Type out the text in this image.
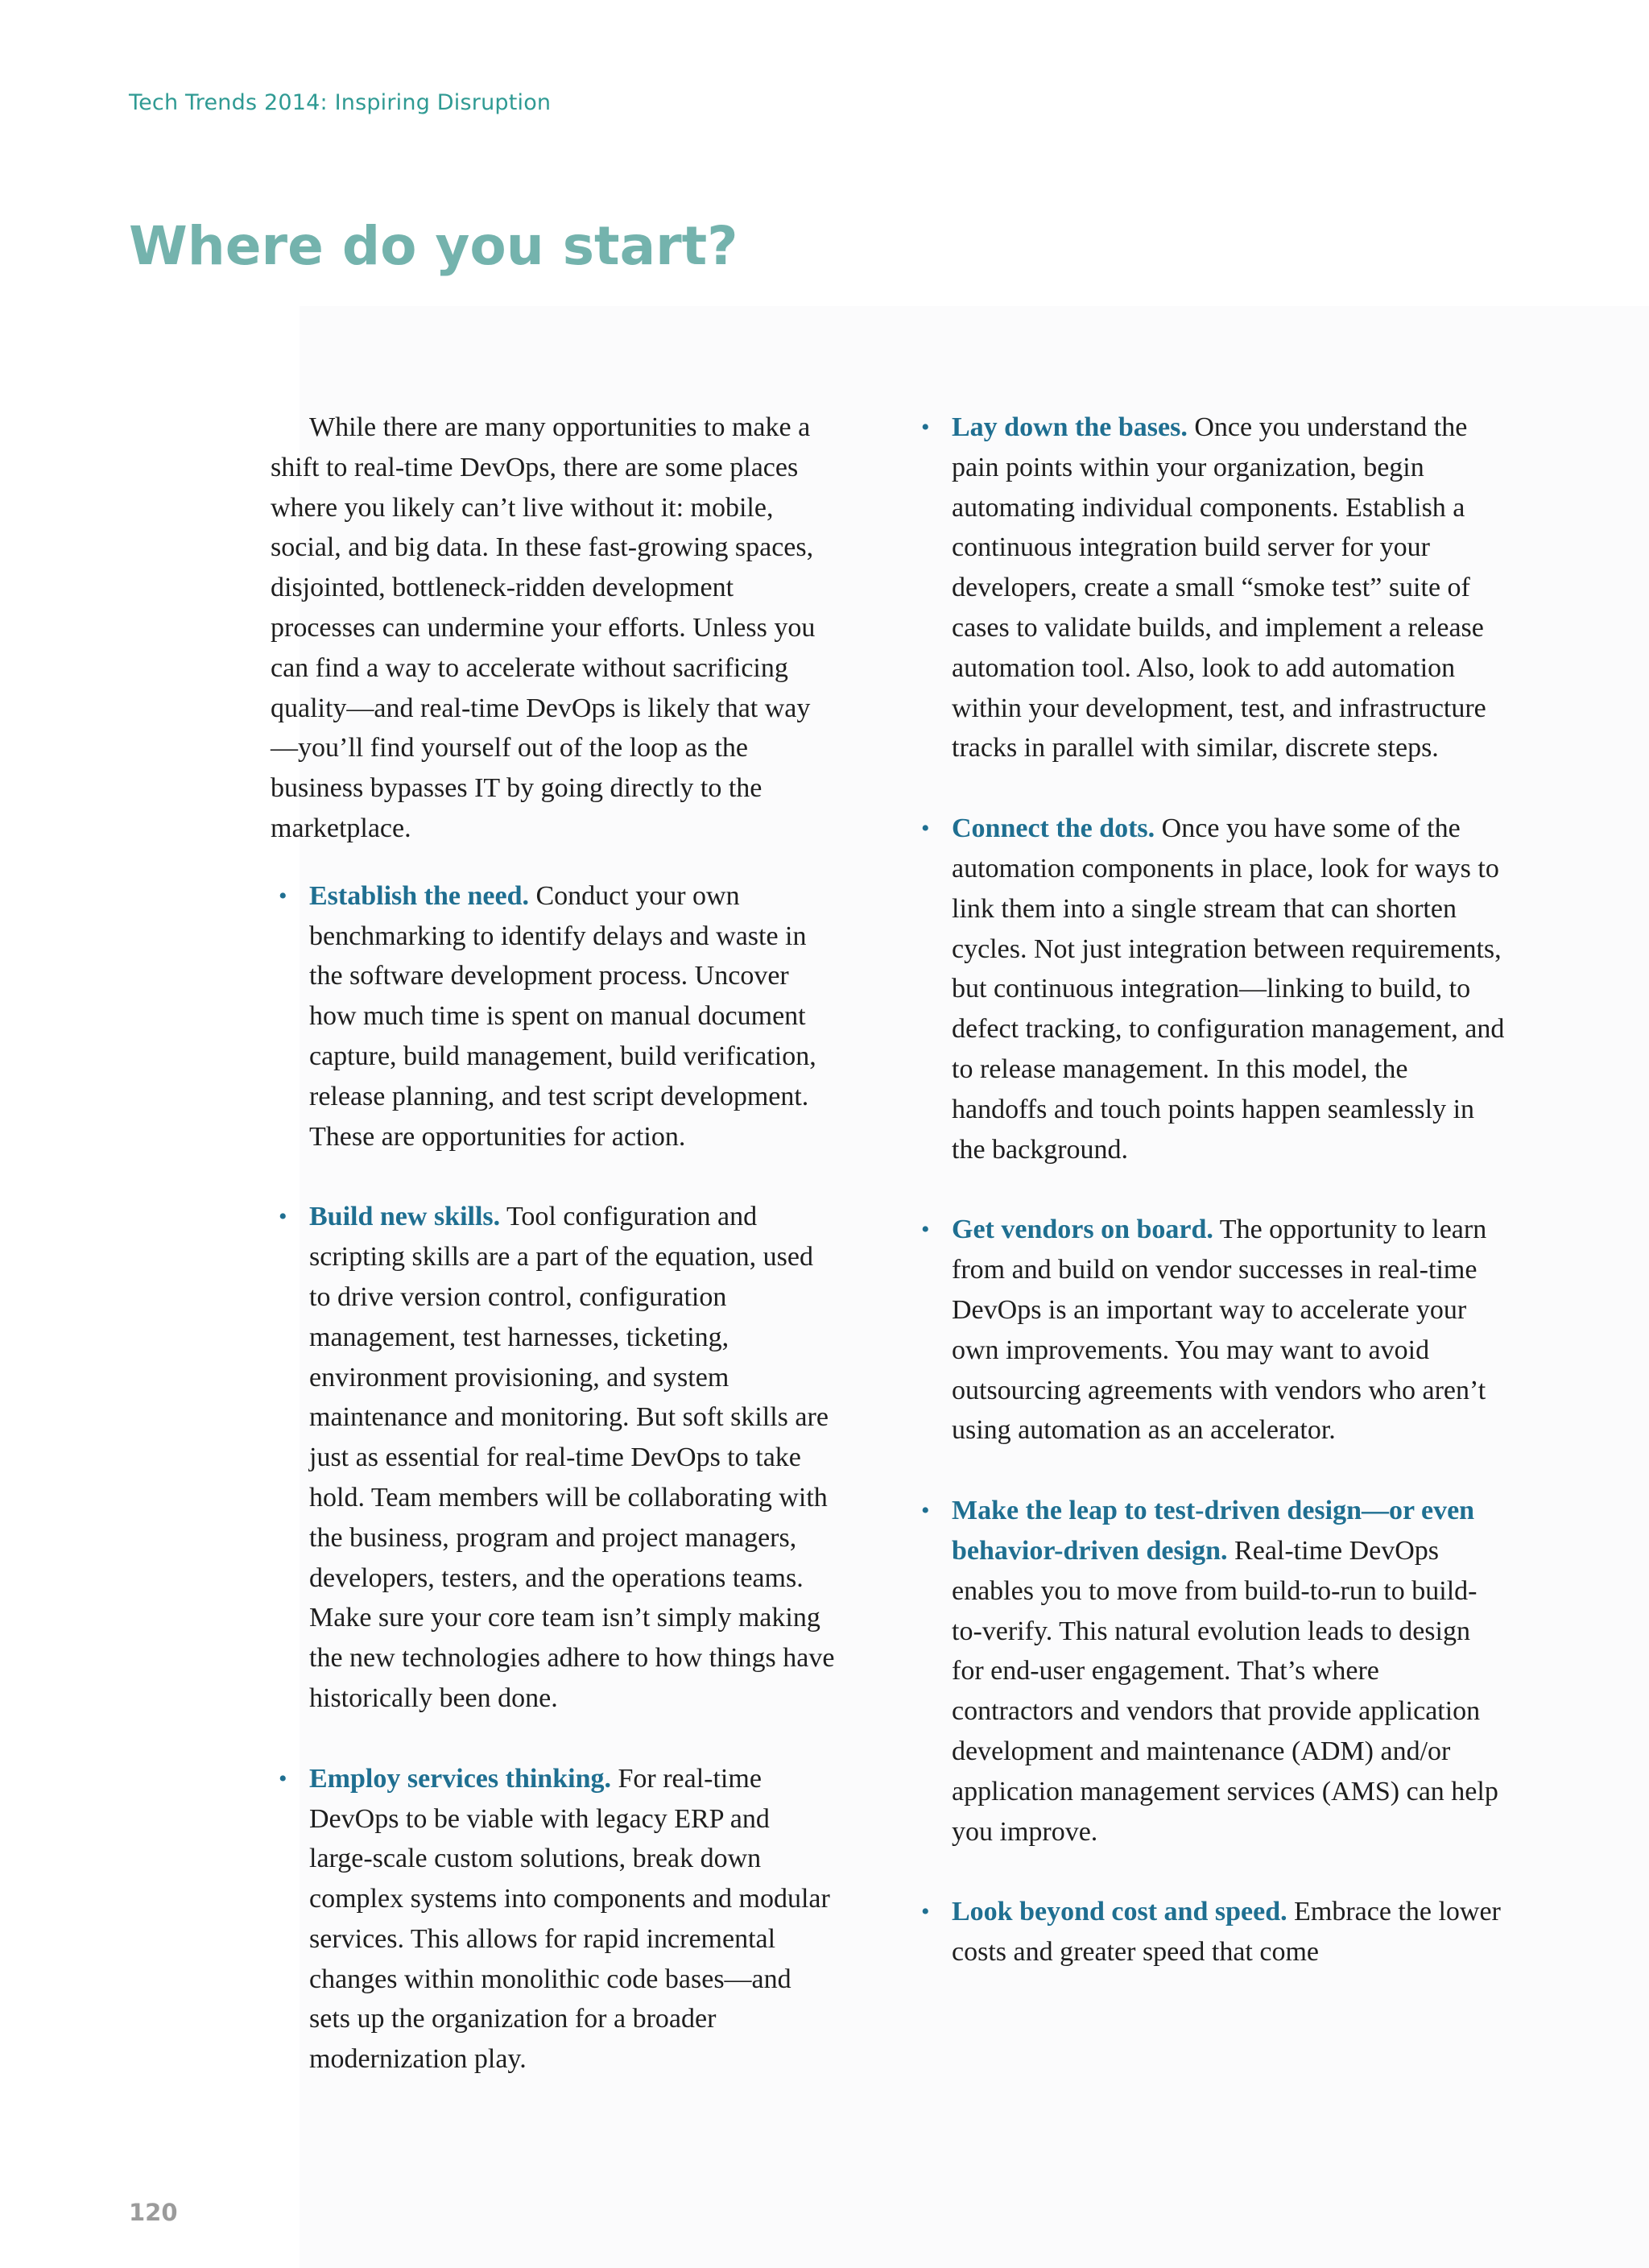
Tech Trends 2014: Inspiring Disruption
Where do you start?

While there are many opportunities to make a shift to real-time DevOps, there are some places where you likely can’t live without it: mobile, social, and big data. In these fast-growing spaces, disjointed, bottleneck-ridden development processes can undermine your efforts. Unless you can find a way to accelerate without sacrificing quality—and real-time DevOps is likely that way—you’ll find yourself out of the loop as the business bypasses IT by going directly to the marketplace.

• Establish the need. Conduct your own benchmarking to identify delays and waste in the software development process. Uncover how much time is spent on manual document capture, build management, build verification, release planning, and test script development. These are opportunities for action.
• Build new skills. Tool configuration and scripting skills are a part of the equation, used to drive version control, configuration management, test harnesses, ticketing, environment provisioning, and system maintenance and monitoring. But soft skills are just as essential for real-time DevOps to take hold. Team members will be collaborating with the business, program and project managers, developers, testers, and the operations teams. Make sure your core team isn’t simply making the new technologies adhere to how things have historically been done.
• Employ services thinking. For real-time DevOps to be viable with legacy ERP and large-scale custom solutions, break down complex systems into components and modular services. This allows for rapid incremental changes within monolithic code bases—and sets up the organization for a broader modernization play.
• Lay down the bases. Once you understand the pain points within your organization, begin automating individual components. Establish a continuous integration build server for your developers, create a small “smoke test” suite of cases to validate builds, and implement a release automation tool. Also, look to add automation within your development, test, and infrastructure tracks in parallel with similar, discrete steps.
• Connect the dots. Once you have some of the automation components in place, look for ways to link them into a single stream that can shorten cycles. Not just integration between requirements, but continuous integration—linking to build, to defect tracking, to configuration management, and to release management. In this model, the handoffs and touch points happen seamlessly in the background.
• Get vendors on board. The opportunity to learn from and build on vendor successes in real-time DevOps is an important way to accelerate your own improvements. You may want to avoid outsourcing agreements with vendors who aren’t using automation as an accelerator.
• Make the leap to test-driven design—or even behavior-driven design. Real-time DevOps enables you to move from build-to-run to build-to-verify. This natural evolution leads to design for end-user engagement. That’s where contractors and vendors that provide application development and maintenance (ADM) and/or application management services (AMS) can help you improve.
• Look beyond cost and speed. Embrace the lower costs and greater speed that come
120
